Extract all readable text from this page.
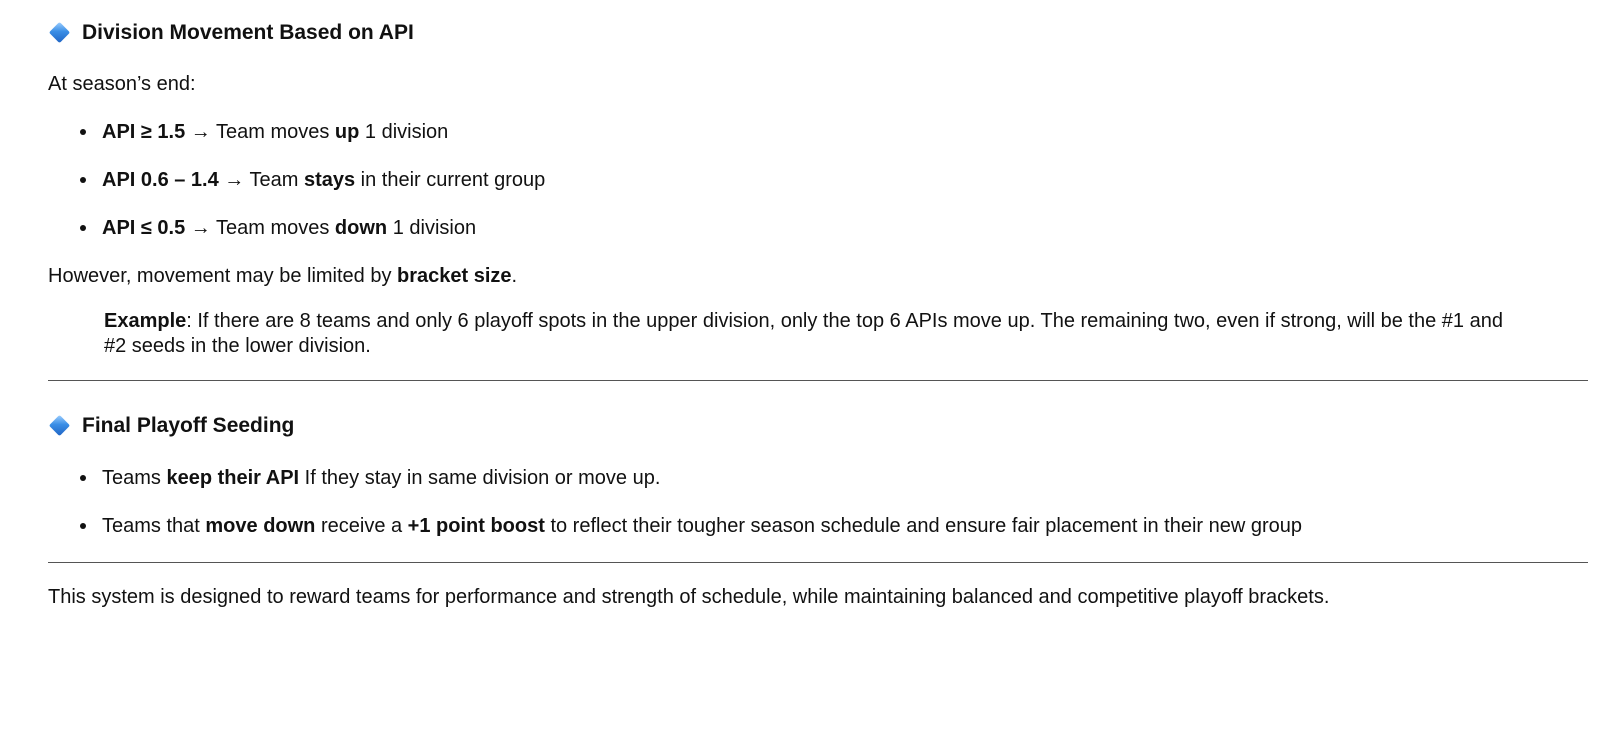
Division Movement Based on API

At season’s end:

API ≥ 1.5 → Team moves up 1 division
API 0.6 – 1.4 → Team stays in their current group
API ≤ 0.5 → Team moves down 1 division

However, movement may be limited by bracket size.

Example: If there are 8 teams and only 6 playoff spots in the upper division, only the top 6 APIs move up. The remaining two, even if strong, will be the #1 and #2 seeds in the lower division.

Final Playoff Seeding
Teams keep their API If they stay in same division or move up.
Teams that move down receive a +1 point boost to reflect their tougher season schedule and ensure fair placement in their new group

This system is designed to reward teams for performance and strength of schedule, while maintaining balanced and competitive playoff brackets.
